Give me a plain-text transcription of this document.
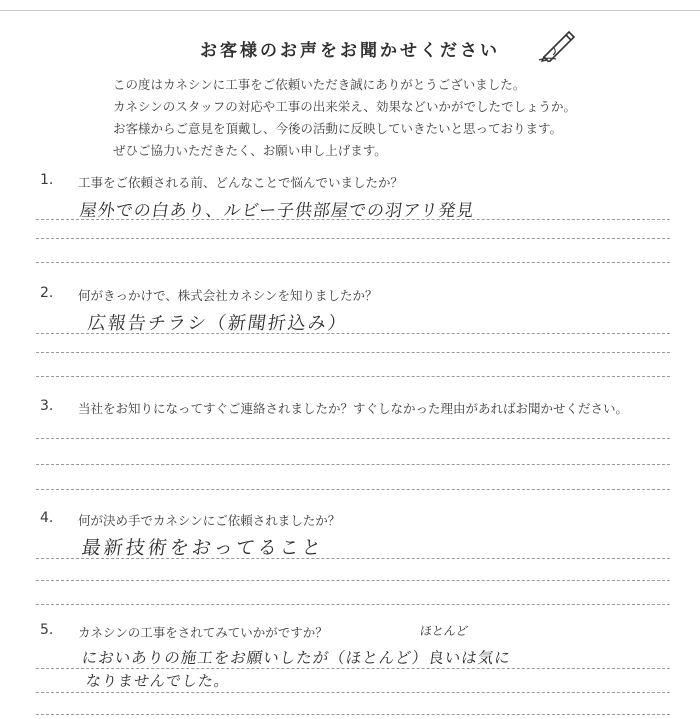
お客様のお声をお聞かせください
この度はカネシンに工事をご依頼いただき誠にありがとうございました。
カネシンのスタッフの対応や工事の出来栄え、効果などいかがでしたでしょうか。
お客様からご意見を頂戴し、今後の活動に反映していきたいと思っております。
ぜひご協力いただきたく、お願い申し上げます。
1. 工事をご依頼される前、どんなことで悩んでいましたか？
屋外での白あり、ルビー子供部屋での羽アリ発見
2. 何がきっかけで、株式会社カネシンを知りましたか？
広報告チラシ（新聞折込み）
3. 当社をお知りになってすぐご連絡されましたか？すぐしなかった理由があればお聞かせください。
4. 何が決め手でカネシンにご依頼されましたか？
最新技術をおってること
5. カネシンの工事をされてみていかがですか？	ほとんど
においありの施工をお願いしたが（ほとんど）良いは気に
なりませんでした。
